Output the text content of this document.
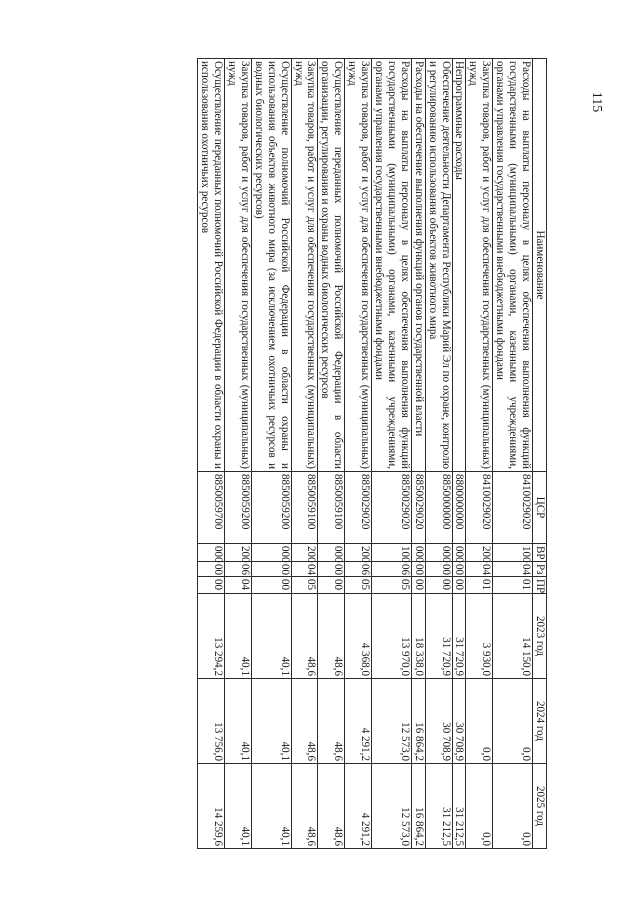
115
Наименование	ЦСР	ВР	Рз	ПР	2023 год	2024 год	2025 год
Расходы на выплаты персоналу в целях обеспечения выполнения функций государственными (муниципальными) органами, казенными учреждениями, органами управления государственными внебюджетными фондами	8410029020	100	04	01	14 150,0	0,0	0,0
Закупка товаров, работ и услуг для обеспечения государственных (муниципальных) нужд	8410029020	200	04	01	3 930,0	0,0	0,0
Непрограммные расходы	8800000000	000	00	00	31 720,9	30 708,9	31 212,5
Обеспечение деятельности Департамента Республики Марий Эл по охране, контролю и регулированию использования объектов животного мира	8850000000	000	00	00	31 720,9	30 708,9	31 212,5
Расходы на обеспечение выполнения функций органов государственной власти	8850029020	000	00	00	18 338,0	16 864,2	16 864,2
Расходы на выплаты персоналу в целях обеспечения выполнения функций государственными (муниципальными) органами, казенными учреждениями, органами управления государственными внебюджетными фондами	8850029020	100	06	05	13 970,0	12 573,0	12 573,0
Закупка товаров, работ и услуг для обеспечения государственных (муниципальных) нужд	8850029020	200	06	05	4 368,0	4 291,2	4 291,2
Осуществление переданных полномочий Российской Федерации в области организации, регулирования и охраны водных биологических ресурсов	8850059100	000	00	00	48,6	48,6	48,6
Закупка товаров, работ и услуг для обеспечения государственных (муниципальных) нужд	8850059100	200	04	05	48,6	48,6	48,6
Осуществление полномочий Российской Федерации в области охраны и использования объектов животного мира (за исключением охотничьих ресурсов и водных биологических ресурсов)	8850059200	000	00	00	40,1	40,1	40,1
Закупка товаров, работ и услуг для обеспечения государственных (муниципальных) нужд	8850059200	200	06	04	40,1	40,1	40,1
Осуществление переданных полномочий Российской Федерации в области охраны и использования охотничьих ресурсов	8850059700	000	00	00	13 294,2	13 756,0	14 259,6
